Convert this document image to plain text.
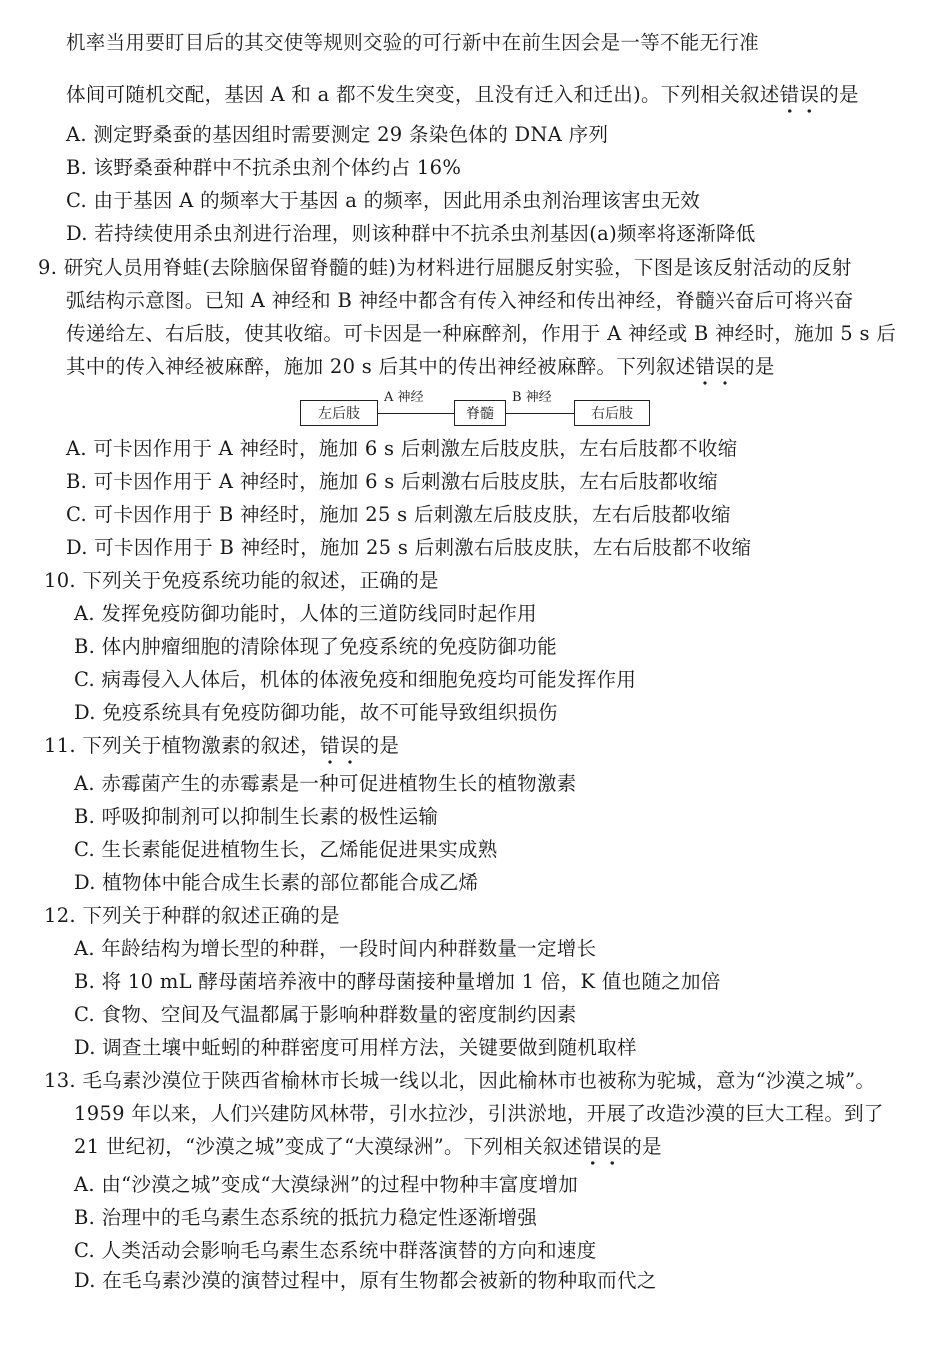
机率当用要盯目后的其交使等规则交验的可行新中在前生因会是一等不能无行准
体间可随机交配，基因 A 和 a 都不发生突变，且没有迁入和迁出)。下列相关叙述错误的是
A. 测定野桑蚕的基因组时需要测定 29 条染色体的 DNA 序列
B. 该野桑蚕种群中不抗杀虫剂个体约占 16%
C. 由于基因 A 的频率大于基因 a 的频率，因此用杀虫剂治理该害虫无效
D. 若持续使用杀虫剂进行治理，则该种群中不抗杀虫剂基因(a)频率将逐渐降低
9. 研究人员用脊蛙(去除脑保留脊髓的蛙)为材料进行屈腿反射实验，下图是该反射活动的反射
弧结构示意图。已知 A 神经和 B 神经中都含有传入神经和传出神经，脊髓兴奋后可将兴奋
传递给左、右后肢，使其收缩。可卡因是一种麻醉剂，作用于 A 神经或 B 神经时，施加 5 s 后
其中的传入神经被麻醉，施加 20 s 后其中的传出神经被麻醉。下列叙述错误的是
左后肢
A 神经
脊髓
B 神经
右后肢
A. 可卡因作用于 A 神经时，施加 6 s 后刺激左后肢皮肤，左右后肢都不收缩
B. 可卡因作用于 A 神经时，施加 6 s 后刺激右后肢皮肤，左右后肢都收缩
C. 可卡因作用于 B 神经时，施加 25 s 后刺激左后肢皮肤，左右后肢都收缩
D. 可卡因作用于 B 神经时，施加 25 s 后刺激右后肢皮肤，左右后肢都不收缩
10. 下列关于免疫系统功能的叙述，正确的是
A. 发挥免疫防御功能时，人体的三道防线同时起作用
B. 体内肿瘤细胞的清除体现了免疫系统的免疫防御功能
C. 病毒侵入人体后，机体的体液免疫和细胞免疫均可能发挥作用
D. 免疫系统具有免疫防御功能，故不可能导致组织损伤
11. 下列关于植物激素的叙述，错误的是
A. 赤霉菌产生的赤霉素是一种可促进植物生长的植物激素
B. 呼吸抑制剂可以抑制生长素的极性运输
C. 生长素能促进植物生长，乙烯能促进果实成熟
D. 植物体中能合成生长素的部位都能合成乙烯
12. 下列关于种群的叙述正确的是
A. 年龄结构为增长型的种群，一段时间内种群数量一定增长
B. 将 10 mL 酵母菌培养液中的酵母菌接种量增加 1 倍，K 值也随之加倍
C. 食物、空间及气温都属于影响种群数量的密度制约因素
D. 调查土壤中蚯蚓的种群密度可用样方法，关键要做到随机取样
13. 毛乌素沙漠位于陕西省榆林市长城一线以北，因此榆林市也被称为驼城，意为“沙漠之城”。
1959 年以来，人们兴建防风林带，引水拉沙，引洪淤地，开展了改造沙漠的巨大工程。到了
21 世纪初，“沙漠之城”变成了“大漠绿洲”。下列相关叙述错误的是
A. 由“沙漠之城”变成“大漠绿洲”的过程中物种丰富度增加
B. 治理中的毛乌素生态系统的抵抗力稳定性逐渐增强
C. 人类活动会影响毛乌素生态系统中群落演替的方向和速度
D. 在毛乌素沙漠的演替过程中，原有生物都会被新的物种取而代之
